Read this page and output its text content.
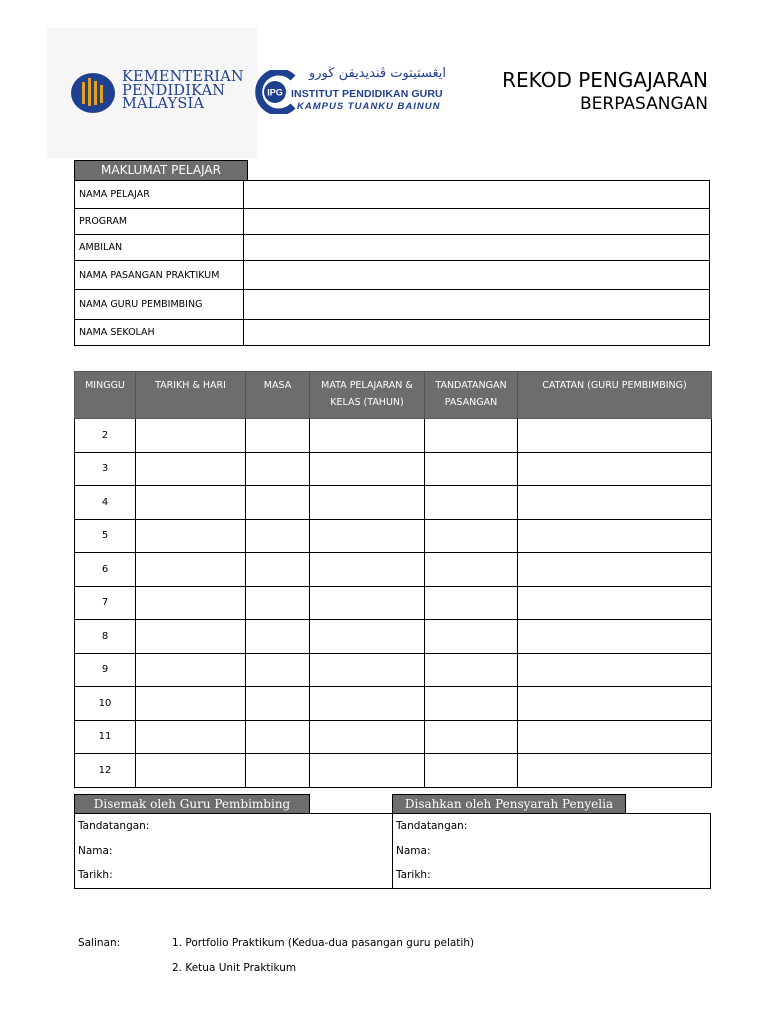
KEMENTERIAN
PENDIDIKAN
MALAYSIA
IPG
ايڠستيتوت ڤنديديقن ڬورو
INSTITUT PENDIDIKAN GURU
KAMPUS TUANKU BAINUN
REKOD PENGAJARAN
BERPASANGAN
MAKLUMAT PELAJAR
NAMA PELAJAR	
PROGRAM	
AMBILAN	
NAMA PASANGAN PRAKTIKUM	
NAMA GURU PEMBIMBING	
NAMA SEKOLAH	
MINGGU	TARIKH & HARI	MASA	MATA PELAJARAN & KELAS (TAHUN)	TANDATANGAN PASANGAN	CATATAN (GURU PEMBIMBING)
2					
3					
4					
5					
6					
7					
8					
9					
10					
11					
12					
Disemak oleh Guru Pembimbing	Disahkan oleh Pensyarah Penyelia
Tandatangan:	Tandatangan:
Nama:	Nama:
Tarikh:	Tarikh:
Salinan:	1. Portfolio Praktikum (Kedua-dua pasangan guru pelatih)
2. Ketua Unit Praktikum
